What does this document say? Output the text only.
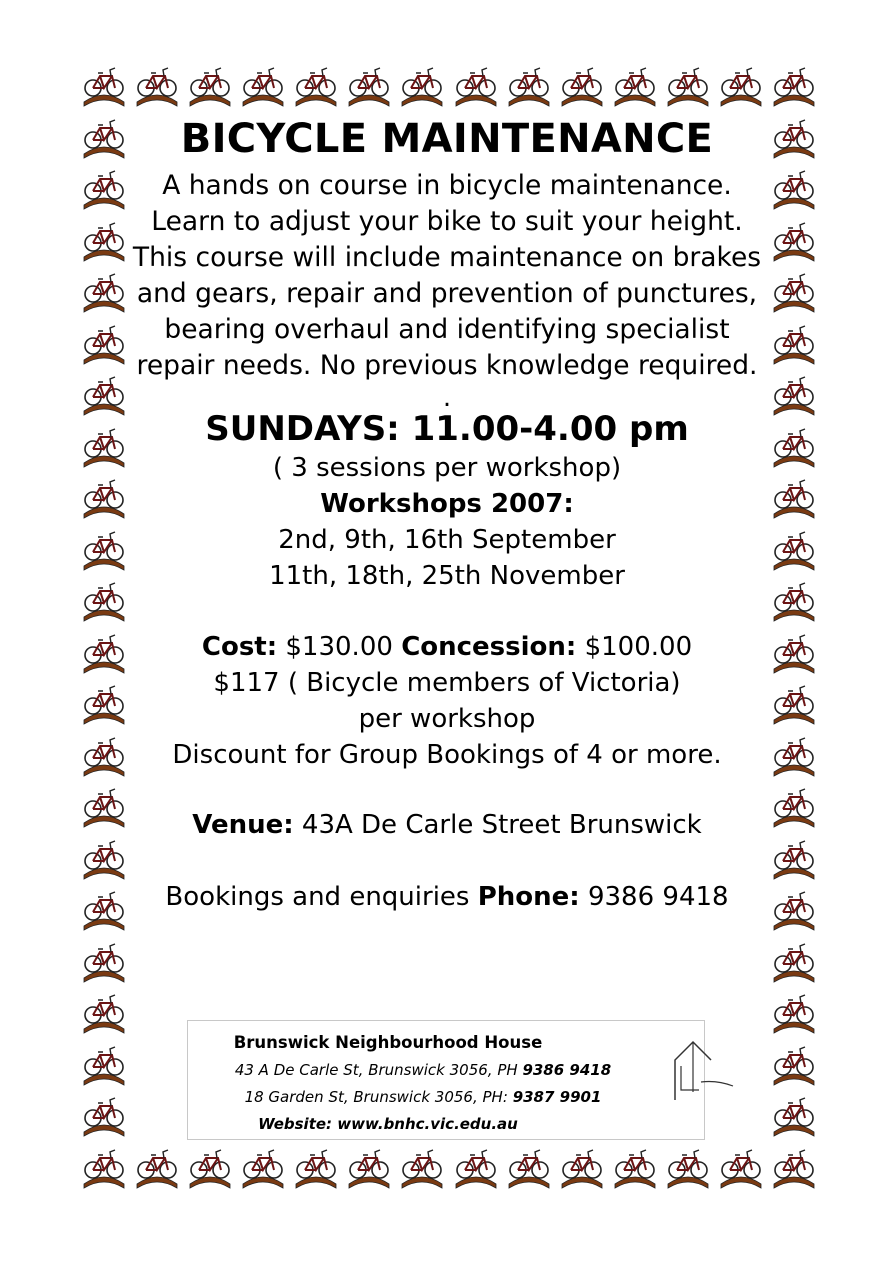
BICYCLE MAINTENANCE

A hands on course in bicycle maintenance.

Learn to adjust your bike to suit your height.

This course will include maintenance on brakes

and gears, repair and prevention of punctures,

bearing overhaul and identifying specialist

repair needs. No previous knowledge required.

.

SUNDAYS: 11.00-4.00 pm

( 3 sessions per workshop)

Workshops 2007:

2nd, 9th, 16th September

11th, 18th, 25th November

Cost: $130.00 Concession: $100.00

$117 ( Bicycle members of Victoria)

per workshop

Discount for Group Bookings of 4 or more.

Venue: 43A De Carle Street Brunswick

Bookings and enquiries Phone: 9386 9418

Brunswick Neighbourhood House
43 A De Carle St, Brunswick 3056, PH 9386 9418
18 Garden St, Brunswick 3056, PH: 9387 9901
Website: www.bnhc.vic.edu.au
